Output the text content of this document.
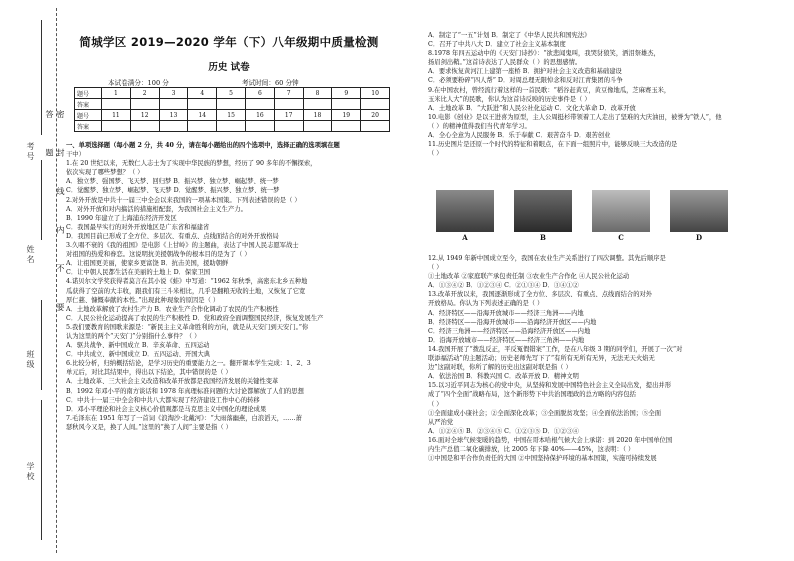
学校
班级
姓名
考号	密 封 线 内 不 要 答 题
简城学区 2019—2020 学年（下）八年级期中质量检测
历史 试卷
本试卷满分：100 分	考试时间：60 分钟
题号	1	2	3	4	5	6	7	8	9	10
答案										
题号	11	12	13	14	15	16	17	18	19	20
答案										

一、单项选择题（每小题 2 分，共 40 分，请在每小题给出的四个选项中，选择正确的选项填在题

干中）

1.在 20 世纪以来，无数仁人志士为了实现中华民族的梦想，经历了 90 多年的不懈探索，

依次实现了哪些梦想？（ ）

A．独立梦、强国梦、飞天梦、回归梦 B．振兴梦、独立梦、崛起梦、统一梦

C．觉醒梦、独立梦、崛起梦、飞天梦 D．觉醒梦、振兴梦、独立梦、统一梦

2.对外开放是中共十一届三中全会以来我国的一项基本国策。下列表述错误的是（ ）

A．对外开放和对内搞活的措施相配套，为我国社会主义生产力。

B．1990 年建立了上海浦东经济开发区

C．我国最早实行的对外开放地区是广东省和福建省

D．我国目前已形成了全方位、多层次、有重点、点线面结合的对外开放格局

3.久唱不衰的《我的祖国》是电影《上甘岭》的主题曲，表达了中国人民志愿军战士

对祖国的热爱和眷恋。这说明抗美援朝战争的根本目的是为了（ ）

A．让祖国更美丽，使家乡更富饶 B．抗击美国，援助朝鲜

C．让中朝人民都生活在美丽的土地上 D．保家卫国

4.诺贝尔文学奖获得者莫言在其小说《蛙》中写道：“1962 年秋季，高密东北乡五种地

瓜获得了空前的大丰收，跟我们有三斗米相比，几乎是翻粮无收的土地，又恢复了它宽

厚仁慈、慷慨奉献的本性。”出现此种现象的原因是（ ）

A．土地改革解放了农村生产力 B．农业生产合作化调动了农民的生产积极性

C．人民公社化运动提高了农民的生产积极性 D．党和政府全面调整国民经济，恢复发展生产

5.我们要教育的国歌来源是：“新民主主义革命胜利的方向，就是从天安门到天安门。”你

认为这里的两个“天安门”分别指什么事件？（ ）

A．驱共战争、新中国成立 B．辛亥革命、五四运动

C．中共成立、新中国成立 D．五四运动、开国大典

6.比较分析，归纳概括结论，是学习历史的重要能力之一。翻开课本学生完成：1、2、3

单元后，对比其结果中，得出以下结论，其中错误的是（ ）

A．土地改革、三大社会主义改造和改革开放都是我国经济发展的关键性变革

B．1992 年邓小平的南方谈话和 1978 年真理标准问题的大讨论都解放了人们的思想

C．中共十一届三中全会和中共八大都实现了经济建设工作中心的转移

D．邓小平理论和社会主义核心价值观都是马克思主义中国化的理论成果

7.毛泽东在 1951 年写了一首词《浪淘沙·北戴河》：“大雨落幽燕，白浪滔天，……萧

瑟秋风今又是，换了人间。”这里的“换了人间”主要是指（ ）

A．制定了“一五”计划 B．制定了《中华人民共和国宪法》

C．召开了中共八大 D．建立了社会主义基本制度

8.1978 年四五运动中的《天安门诗抄》：“欲悲闻鬼叫，我哭豺狼笑，洒泪祭雄杰，

扬眉剑出鞘。”这首诗表达了人民群众（ ）的思想感情。

A．要求恢复黄河江上建第一座桥 B．拥护对社会主义改造和基础建设

C．必须要粉碎“四人帮” D．对周总理无限悼念和反对江青集团的斗争

9.在中国农村，曾经流行着这样的一首民歌：“稻谷赶黄豆，黄豆像地瓜，芝麻赛玉米，

玉米比人大”的民歌，你认为这首诗反映的历史事件是（ ）

A．土地改革 B．“大跃进”和人民公社化运动 C．文化大革命 D．改革开放

10.电影《创业》是以王进喜为原型，主人公周挺杉带领着工人走出了坚难的大庆油田，被誉为“铁人”，他

（ ）的精神值得我们当代青年学习。

A．全心全意为人民服务 B．乐于奉献 C．艰苦奋斗 D．艰苦创业

11.历史图片是还原一个时代的特征和着眼点，在下面一组照片中，能够反映三大改造的是

（ ）

A	B	C	D

12.从 1949 年新中国成立至今，我国在农业生产关系进行了四次调整。其先后顺序是

（ ）

①土地改革 ②家庭联产承包责任制 ③农业生产合作化 ④人民公社化运动

A．①③④② B．①②③④ C．②①③④ D．③④①②

13.改革开放以来，我国逐渐形成了全方位、多层次、有重点、点线面结合的对外

开放格局。你认为下列表述正确的是（ ）

A．经济特区——沿海开放城市——经济三角洲——内地

B．经济特区——沿海开放城市——沿海经济开放区——内地

C．经济三角洲——经济特区——沿海经济开放区——内地

D．沿海开放城市——经济特区——经济三角洲——内地

14.我国开展了“拨乱反正，平反冤假错案”工作，是在八年级 3 期的同学们，开展了一次“对

联添福活动”的主题活动；历史老师先写下了“有所有无所有无异，无法无天火焰无

边”这副对联，你所了解的历史出这副对联是指（ ）

A．依法治国 B．科教兴国 C．改革开放 D．精神文明

15.以习近平同志为核心的党中央，从坚持和发展中国特色社会主义全局出发，提出并形

成了“四个全面”战略布局，这个新形势下中共治国理政的总方略的内容包括

（ ）

①全面建成小康社会；②全面深化改革；③全面脱贫攻坚；④全面依法治国；⑤全面

从严治党

A．①②④⑤ B．②③④⑤ C．①②③⑤ D．①②③④

16.面对全球气候变暖的趋势，中国在哥本哈根气候大会上承诺：到 2020 年中国单位国

内生产总值二氧化碳排放，比 2005 年下降 40%——45%，这表明：（ ）

①中国是和平合作负责任的大国 ②中国坚持保护环境的基本国策，实施可持续发展
